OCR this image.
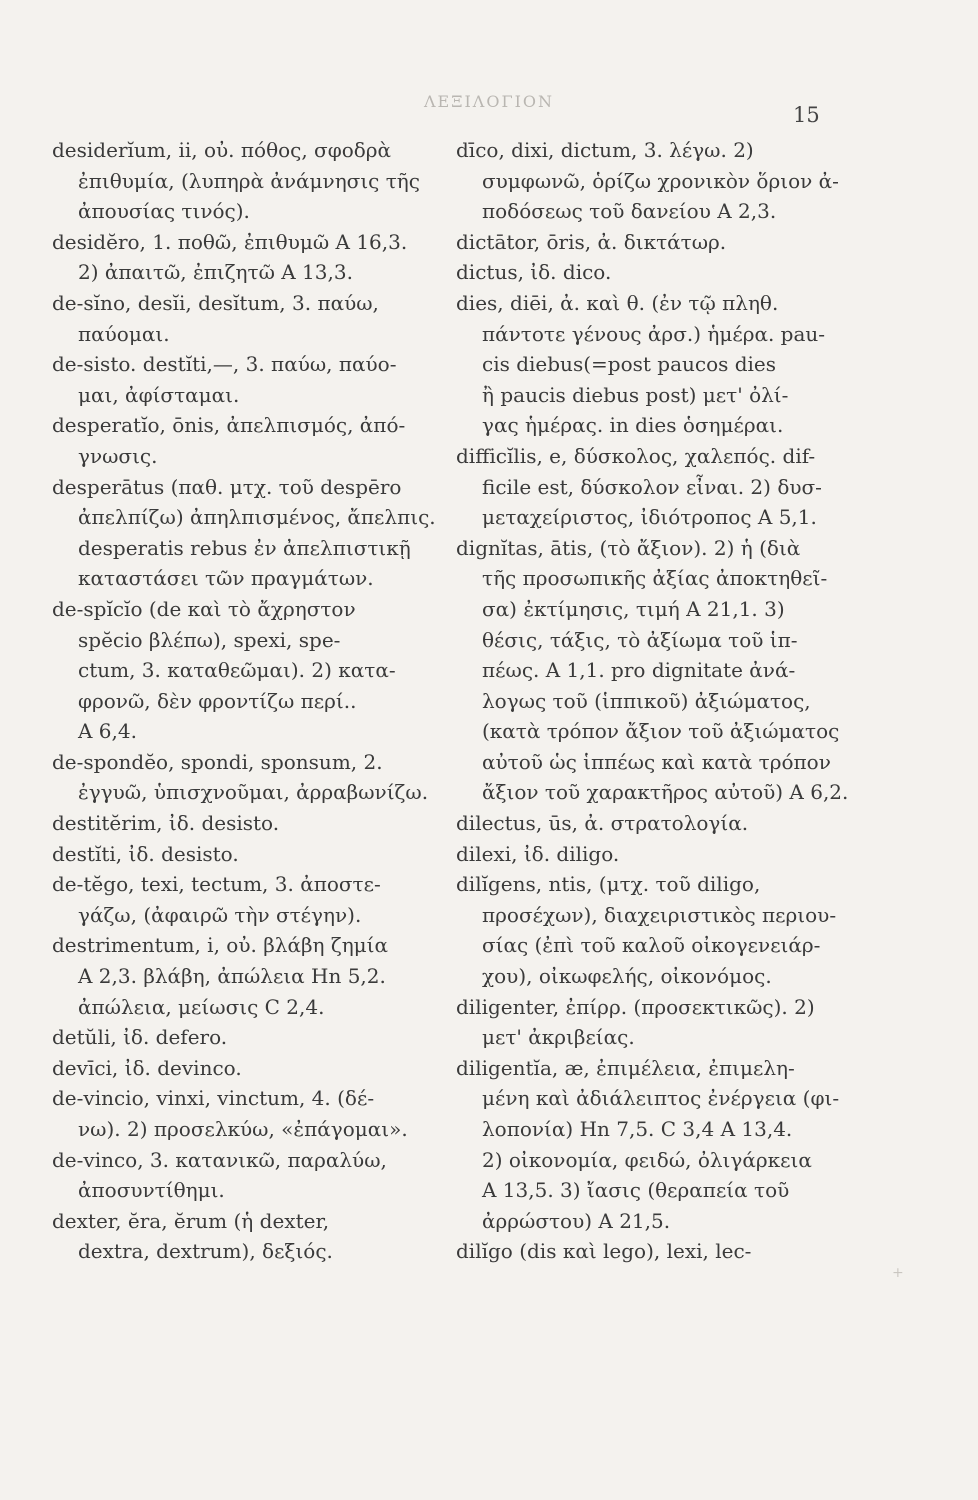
ΛΕΞΙΛΟΓΙΟΝ
15
desiderĭum, ii, οὐ. πόθος, σφοδρὰ
ἐπιθυμία, (λυπηρὰ ἀνάμνησις τῆς
ἀπουσίας τινός).
desidĕro, 1. ποθῶ, ἐπιθυμῶ A 16,3.
2) ἀπαιτῶ, ἐπιζητῶ A 13,3.
de-sĭno, desĭi, desĭtum, 3. παύω,
παύομαι.
de-sisto. destĭti,—, 3. παύω, παύο-
μαι, ἀφίσταμαι.
desperatĭo, ōnis, ἀπελπισμός, ἀπό-
γνωσις.
desperātus (παθ. μτχ. τοῦ despēro
ἀπελπίζω) ἀπηλπισμένος, ἄπελπις.
desperatis rebus ἐν ἀπελπιστικῇ
καταστάσει τῶν πραγμάτων.
de-spĭcĭo (de καὶ τὸ ἄχρηστον
spĕcio βλέπω), spexi, spe-
ctum, 3. καταθεῶμαι). 2) κατα-
φρονῶ, δὲν φροντίζω περί..
A 6,4.
de-spondĕo, spondi, sponsum, 2.
ἐγγυῶ, ὑπισχνοῦμαι, ἀρραβωνίζω.
destitĕrim, ἰδ. desisto.
destĭti, ἰδ. desisto.
de-tĕgo, texi, tectum, 3. ἀποστε-
γάζω, (ἀφαιρῶ τὴν στέγην).
destrimentum, i, οὐ. βλάβη ζημία
A 2,3. βλάβη, ἀπώλεια Hn 5,2.
ἀπώλεια, μείωσις C 2,4.
detŭli, ἰδ. defero.
devīci, ἰδ. devinco.
de-vincio, vinxi, vinctum, 4. (δέ-
νω). 2) προσελκύω, «ἐπάγομαι».
de-vinco, 3. κατανικῶ, παραλύω,
ἀποσυντίθημι.
dexter, ĕra, ĕrum (ἡ dexter,
dextra, dextrum), δεξιός.
dīco, dixi, dictum, 3. λέγω. 2)
συμφωνῶ, ὁρίζω χρονικὸν ὅριον ἀ-
ποδόσεως τοῦ δανείου A 2,3.
dictātor, ōris, ἀ. δικτάτωρ.
dictus, ἰδ. dico.
dies, diēi, ἀ. καὶ θ. (ἐν τῷ πληθ.
πάντοτε γένους ἀρσ.) ἡμέρα. pau-
cis diebus(=post paucos dies
ἢ paucis diebus post) μετ' ὀλί-
γας ἡμέρας. in dies ὁσημέραι.
difficĭlis, e, δύσκολος, χαλεπός. dif-
ficile est, δύσκολον εἶναι. 2) δυσ-
μεταχείριστος, ἰδιότροπος A 5,1.
dignĭtas, ātis, (τὸ ἄξιον). 2) ἡ (διὰ
τῆς προσωπικῆς ἀξίας ἀποκτηθεῖ-
σα) ἐκτίμησις, τιμή A 21,1. 3)
θέσις, τάξις, τὸ ἀξίωμα τοῦ ἱπ-
πέως. A 1,1. pro dignitate ἀνά-
λογως τοῦ (ἱππικοῦ) ἀξιώματος,
(κατὰ τρόπον ἄξιον τοῦ ἀξιώματος
αὐτοῦ ὡς ἱππέως καὶ κατὰ τρόπον
ἄξιον τοῦ χαρακτῆρος αὐτοῦ) A 6,2.
dilectus, ūs, ἀ. στρατολογία.
dilexi, ἰδ. diligo.
dilĭgens, ntis, (μτχ. τοῦ diligo,
προσέχων), διαχειριστικὸς περιου-
σίας (ἐπὶ τοῦ καλοῦ οἰκογενειάρ-
χου), οἰκωφελής, οἰκονόμος.
diligenter, ἐπίρρ. (προσεκτικῶς). 2)
μετ' ἀκριβείας.
diligentĭa, æ, ἐπιμέλεια, ἐπιμελη-
μένη καὶ ἀδιάλειπτος ἐνέργεια (φι-
λοπονία) Hn 7,5. C 3,4 A 13,4.
2) οἰκονομία, φειδώ, ὀλιγάρκεια
A 13,5. 3) ἴασις (θεραπεία τοῦ
ἀρρώστου) A 21,5.
dilĭgo (dis καὶ lego), lexi, lec-
+
